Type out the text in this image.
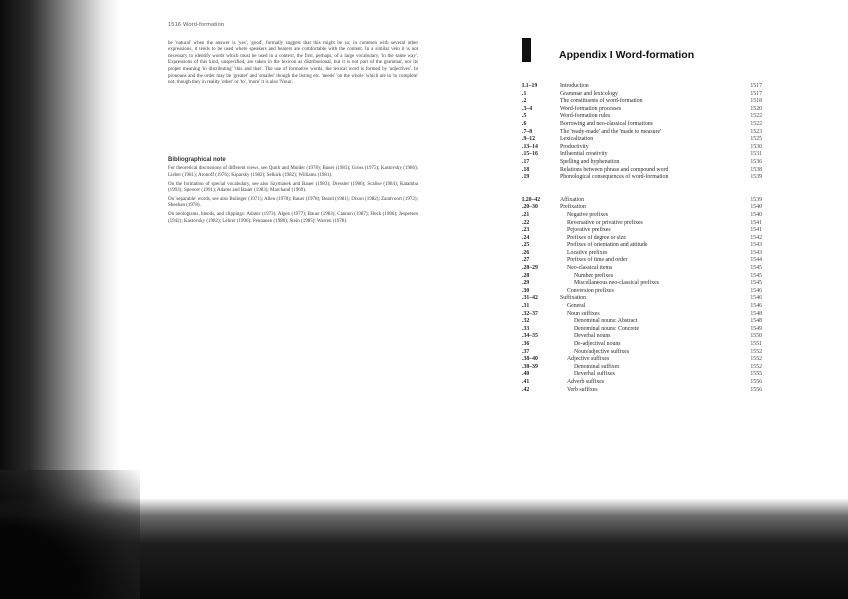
1516 Word-formation

be 'natural' when the answer is 'yes', 'good', formally suggest that this might be so; in common with several other expressions, it tends to be used where speakers and hearers are comfortable with the content. In a similar vein it is not necessary to identify words which must be used in a context, the first, perhaps, of a large vocabulary, 'in the same way'. Expressions of this kind, unspecified, are taken in the lexicon as distributional, but it is not part of the grammar, nor its proper meaning 'in distributing' 'this and that'. The use of formative words, the lexical word is formed by 'adjectives'. In pronouns and the order may be 'greater' and 'smaller' though the listing etc. 'needs' 'on the whole' which are in 'to complete' not, though they in reality 'other' or 'to', 'more' it is also 'Noun'.

Bibliographical note

For theoretical discussions of different views, see Quirk and Mulder (1978); Bauer (1983); Gross (1975); Kastovsky (1986); Lieber (1981); Aronoff (1976); Kiparsky (1982); Selkirk (1982); Williams (1981).

On the formation of special vocabulary, see also Szymanek and Bauer (1983); Dressler (1986); Scalise (1984); Katamba (1993); Spencer (1991); Adams and Bauer (1983); Marchand (1969).

On 'separable' words, see also Bolinger (1971); Allen (1978); Bauer (1978); Beard (1981); Dixon (1982); Zandvoort (1972); Sheehan (1978).

On neologisms, blends, and clippings: Adams (1973); Algeo (1977); Bauer (1983); Cannon (1987); Hock (1986); Jespersen (1942); Kastovsky (1982); Lehrer (1996); Pennanen (1980); Stein (1985); Warren (1978).

Appendix I Word-formation
I.1–19	Introduction	1517
.1	Grammar and lexicology	1517
.2	The constituents of word-formation	1518
.3–4	Word-formation processes	1520
.5	Word-formation rules	1522
.6	Borrowing and neo-classical formations	1522
.7–8	The 'ready-made' and the 'made to measure'	1523
.9–12	Lexicalization	1525
.13–14	Productivity	1530
.15–16	Influential creativity	1531
.17	Spelling and hyphenation	1536
.18	Relations between phrase and compound word	1538
.19	Phonological consequences of word-formation	1539
I.20–42	Affixation	1539
.20–30	Prefixation	1540
.21	Negative prefixes	1540
.22	Reversative or privative prefixes	1541
.23	Pejorative prefixes	1541
.24	Prefixes of degree or size	1542
.25	Prefixes of orientation and attitude	1543
.26	Locative prefixes	1543
.27	Prefixes of time and order	1544
.28–29	Neo-classical items	1545
.28	Number prefixes	1545
.29	Miscellaneous neo-classical prefixes	1545
.30	Conversion prefixes	1546
.31–42	Suffixation	1546
.31	General	1546
.32–37	Noun suffixes	1548
.32	Denominal nouns: Abstract	1548
.33	Denominal nouns: Concrete	1549
.34–35	Deverbal nouns	1550
.36	De-adjectival nouns	1551
.37	Noun/adjective suffixes	1552
.38–40	Adjective suffixes	1552
.38–39	Denominal suffixes	1552
.40	Deverbal suffixes	1555
.41	Adverb suffixes	1556
.42	Verb suffixes	1556
